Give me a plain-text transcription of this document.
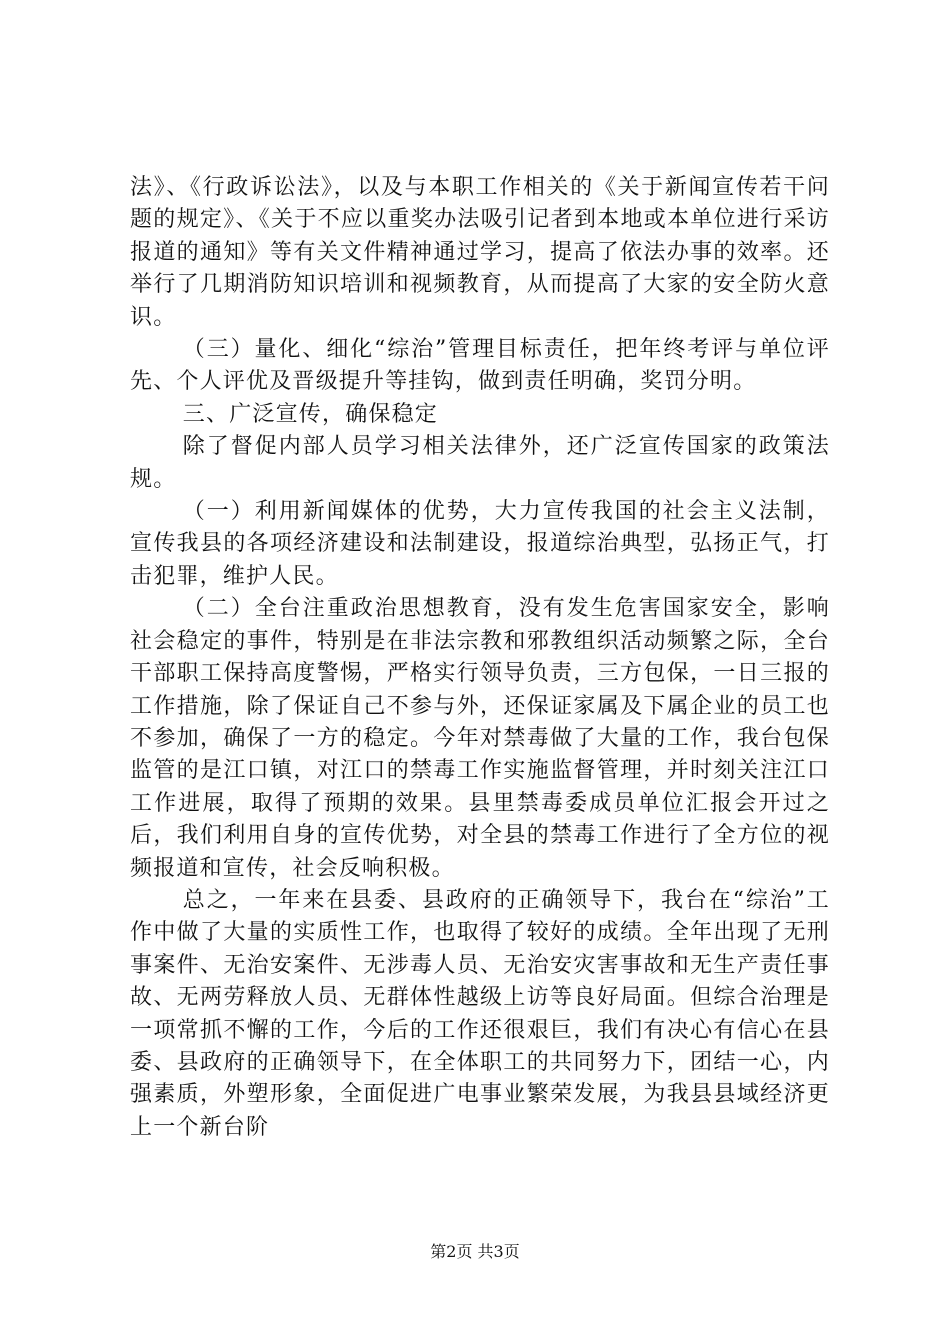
法》、《行政诉讼法》，以及与本职工作相关的《关于新闻宣传若干问题的规定》、《关于不应以重奖办法吸引记者到本地或本单位进行采访报道的通知》等有关文件精神通过学习，提高了依法办事的效率。还举行了几期消防知识培训和视频教育，从而提高了大家的安全防火意识。

（三）量化、细化“综治”管理目标责任，把年终考评与单位评先、个人评优及晋级提升等挂钩，做到责任明确，奖罚分明。

三、广泛宣传，确保稳定

除了督促内部人员学习相关法律外，还广泛宣传国家的政策法规。

（一）利用新闻媒体的优势，大力宣传我国的社会主义法制，宣传我县的各项经济建设和法制建设，报道综治典型，弘扬正气，打击犯罪，维护人民。

（二）全台注重政治思想教育，没有发生危害国家安全，影响社会稳定的事件，特别是在非法宗教和邪教组织活动频繁之际，全台干部职工保持高度警惕，严格实行领导负责，三方包保，一日三报的工作措施，除了保证自己不参与外，还保证家属及下属企业的员工也不参加，确保了一方的稳定。今年对禁毒做了大量的工作，我台包保监管的是江口镇，对江口的禁毒工作实施监督管理，并时刻关注江口工作进展，取得了预期的效果。县里禁毒委成员单位汇报会开过之后，我们利用自身的宣传优势，对全县的禁毒工作进行了全方位的视频报道和宣传，社会反响积极。

总之，一年来在县委、县政府的正确领导下，我台在“综治”工作中做了大量的实质性工作，也取得了较好的成绩。全年出现了无刑事案件、无治安案件、无涉毒人员、无治安灾害事故和无生产责任事故、无两劳释放人员、无群体性越级上访等良好局面。但综合治理是一项常抓不懈的工作，今后的工作还很艰巨，我们有决心有信心在县委、县政府的正确领导下，在全体职工的共同努力下，团结一心，内强素质，外塑形象，全面促进广电事业繁荣发展，为我县县域经济更上一个新台阶

第2页 共3页
